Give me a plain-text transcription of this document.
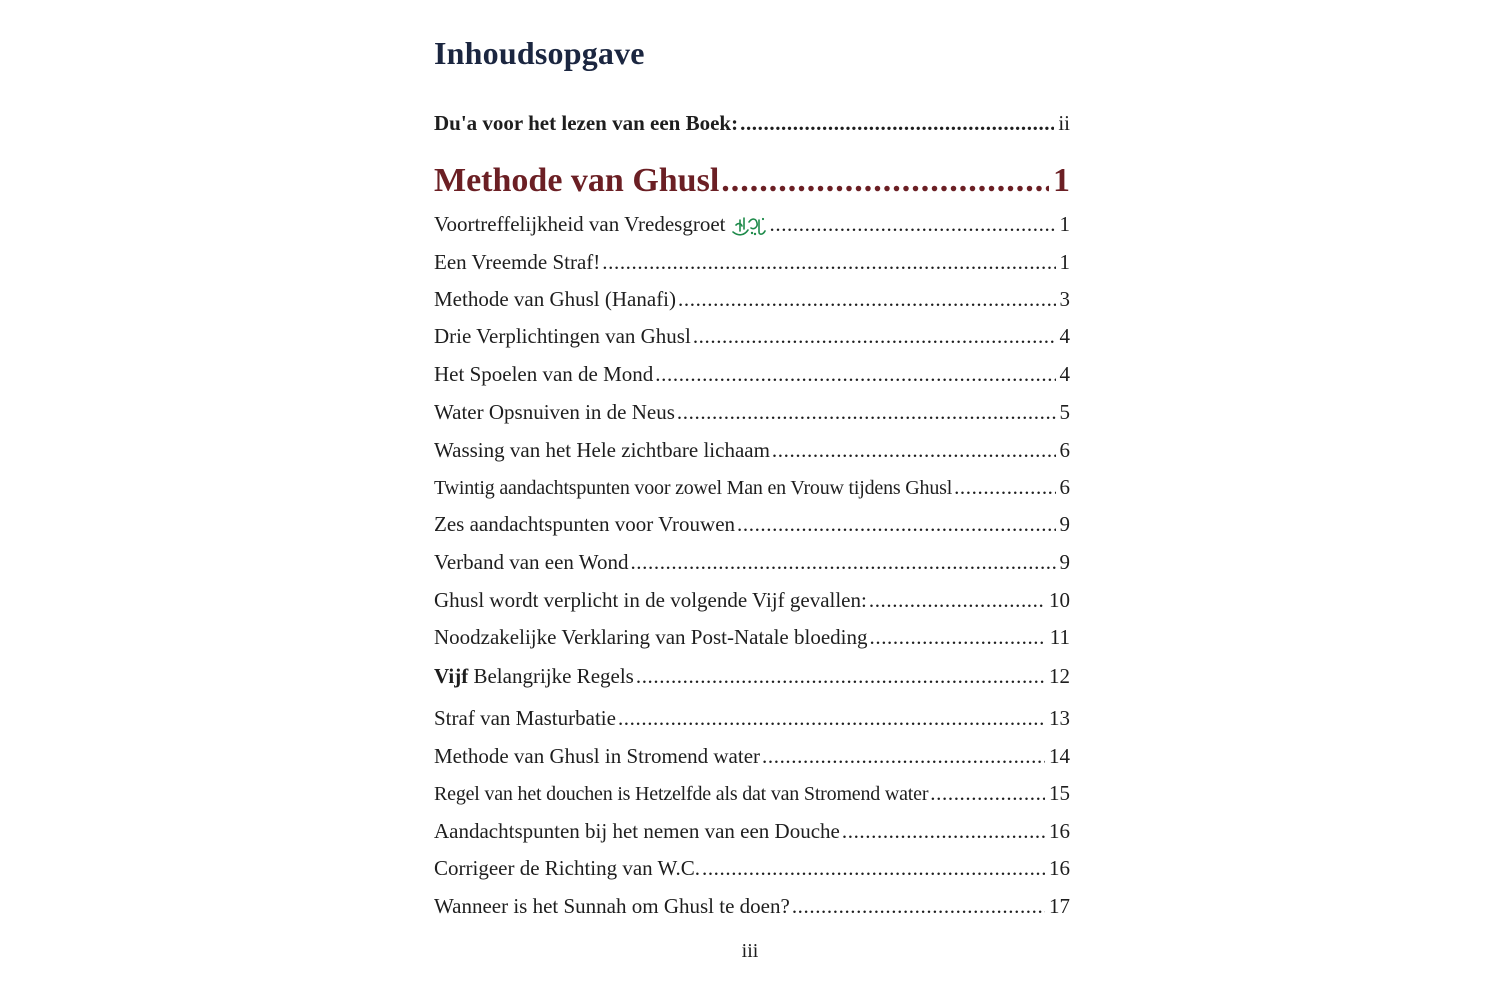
Inhoudsopgave
Du'a voor het lezen van een Boek: .....	ii
Methode van Ghusl .....	1
Voortreffelijkheid van Vredesgroet .....	1
Een Vreemde Straf! .....	1
Methode van Ghusl (Hanafi) .....	3
Drie Verplichtingen van Ghusl .....	4
Het Spoelen van de Mond .....	4
Water Opsnuiven in de Neus .....	5
Wassing van het Hele zichtbare lichaam .....	6
Twintig aandachtspunten voor zowel Man en Vrouw tijdens Ghusl .....	6
Zes aandachtspunten voor Vrouwen .....	9
Verband van een Wond .....	9
Ghusl wordt verplicht in de volgende Vijf gevallen: .....	10
Noodzakelijke Verklaring van Post-Natale bloeding .....	11
Vijf Belangrijke Regels .....	12
Straf van Masturbatie .....	13
Methode van Ghusl in Stromend water .....	14
Regel van het douchen is Hetzelfde als dat van Stromend water .....	15
Aandachtspunten bij het nemen van een Douche .....	16
Corrigeer de Richting van W.C. .....	16
Wanneer is het Sunnah om Ghusl te doen? .....	17
iii
